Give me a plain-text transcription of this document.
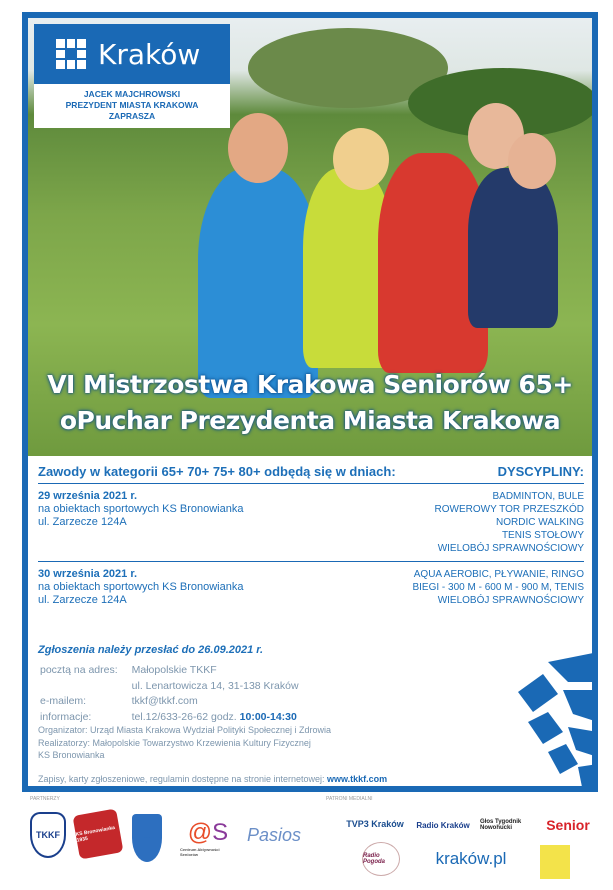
VI Mistrzostwa Krakowa Seniorów 65+
oPuchar Prezydenta Miasta Krakowa
Kraków
JACEK MAJCHROWSKI
PREZYDENT MIASTA KRAKOWA
ZAPRASZA
Zawody w kategorii 65+ 70+ 75+ 80+ odbędą się w dniach:	DYSCYPLINY:
29 września 2021 r.
na obiektach sportowych KS Bronowianka
ul. Zarzecze 124A
BADMINTON, BULE
ROWEROWY TOR PRZESZKÓD
NORDIC WALKING
TENIS STOŁOWY
WIELOBÓJ SPRAWNOŚCIOWY
30 września 2021 r.
na obiektach sportowych KS Bronowianka
ul. Zarzecze 124A
AQUA AEROBIC, PŁYWANIE, RINGO
BIEGI - 300 M - 600 M - 900 M, TENIS
WIELOBÓJ SPRAWNOŚCIOWY
Zgłoszenia należy przesłać do 26.09.2021 r.
pocztą na adres:	Małopolskie TKKF
	ul. Lenartowicza 14, 31-138 Kraków
e-mailem:	tkkf@tkkf.com
informacje:	tel.12/633-26-62 godz. 10:00-14:30
Organizator: Urząd Miasta Krakowa Wydział Polityki Społecznej i Zdrowia
Realizatorzy: Małopolskie Towarzystwo Krzewienia Kultury Fizycznej
KS Bronowianka
Zapisy, karty zgłoszeniowe, regulamin dostępne na stronie internetowej: www.tkkf.com
PARTNERZY	PATRONI MEDIALNI
TKKF	KS Bronowianka 1935	Kraków herb	@S
Centrum Aktywności Seniorów
Pasios
TVP3 Kraków	Radio Kraków Głos Tygodnik Nowohucki	Senior
Radio Pogoda	kraków.pl	Gazeta
